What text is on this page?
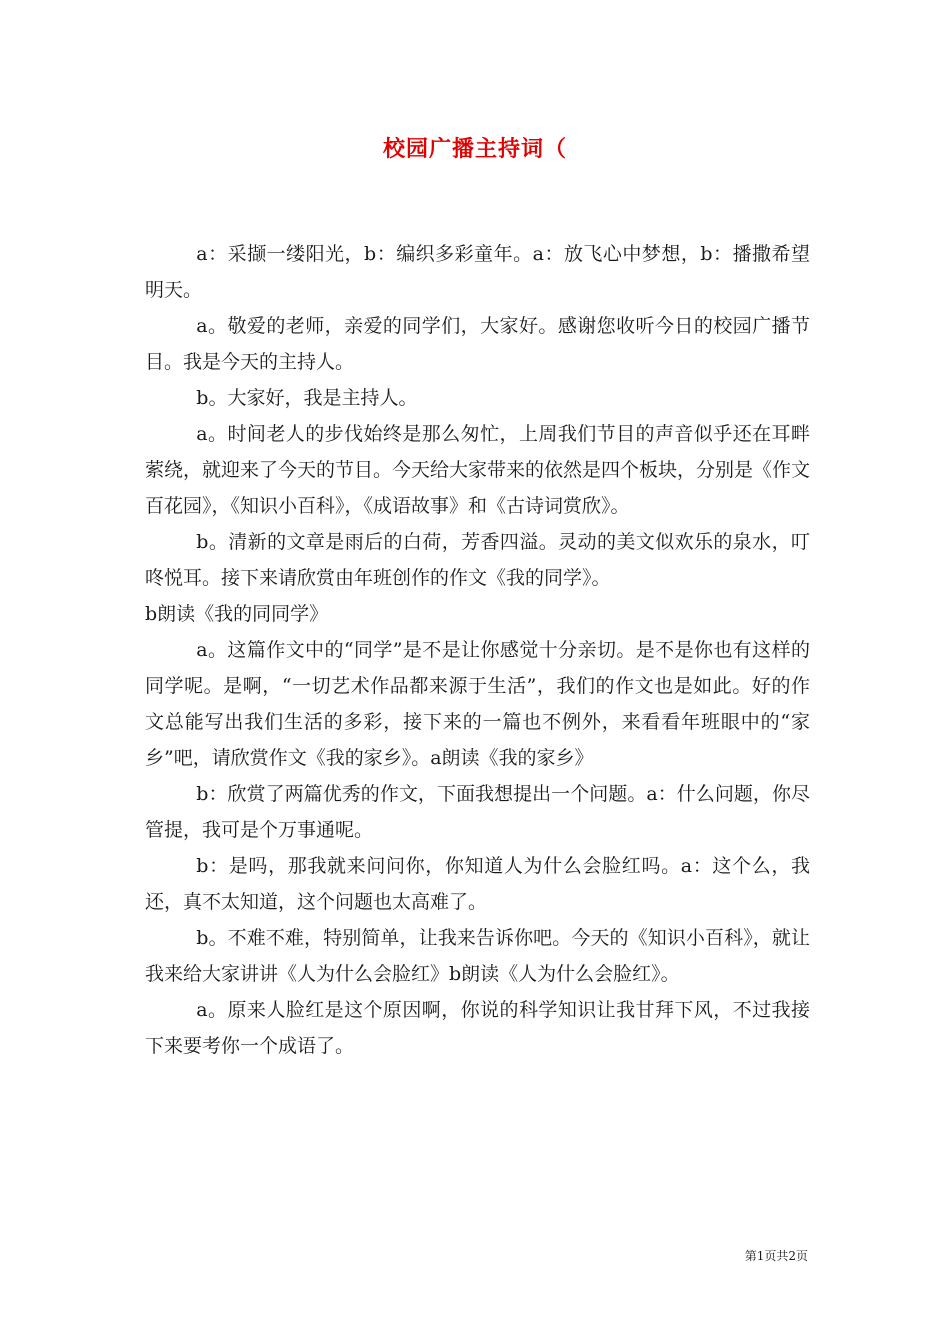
校园广播主持词（

a：采撷一缕阳光，b：编织多彩童年。a：放飞心中梦想，b：播撒希望明天。

a。敬爱的老师，亲爱的同学们，大家好。感谢您收听今日的校园广播节目。我是今天的主持人。

b。大家好，我是主持人。

a。时间老人的步伐始终是那么匆忙，上周我们节目的声音似乎还在耳畔萦绕，就迎来了今天的节目。今天给大家带来的依然是四个板块，分别是《作文百花园》，《知识小百科》，《成语故事》和《古诗词赏欣》。

b。清新的文章是雨后的白荷，芳香四溢。灵动的美文似欢乐的泉水，叮咚悦耳。接下来请欣赏由年班创作的作文《我的同学》。

b朗读《我的同同学》

a。这篇作文中的“同学”是不是让你感觉十分亲切。是不是你也有这样的同学呢。是啊，“一切艺术作品都来源于生活”，我们的作文也是如此。好的作文总能写出我们生活的多彩，接下来的一篇也不例外，来看看年班眼中的“家乡”吧，请欣赏作文《我的家乡》。a朗读《我的家乡》

b：欣赏了两篇优秀的作文，下面我想提出一个问题。a：什么问题，你尽管提，我可是个万事通呢。

b：是吗，那我就来问问你，你知道人为什么会脸红吗。a：这个么，我还，真不太知道，这个问题也太高难了。

b。不难不难，特别简单，让我来告诉你吧。今天的《知识小百科》，就让我来给大家讲讲《人为什么会脸红》b朗读《人为什么会脸红》。

a。原来人脸红是这个原因啊，你说的科学知识让我甘拜下风，不过我接下来要考你一个成语了。

第1页共2页
